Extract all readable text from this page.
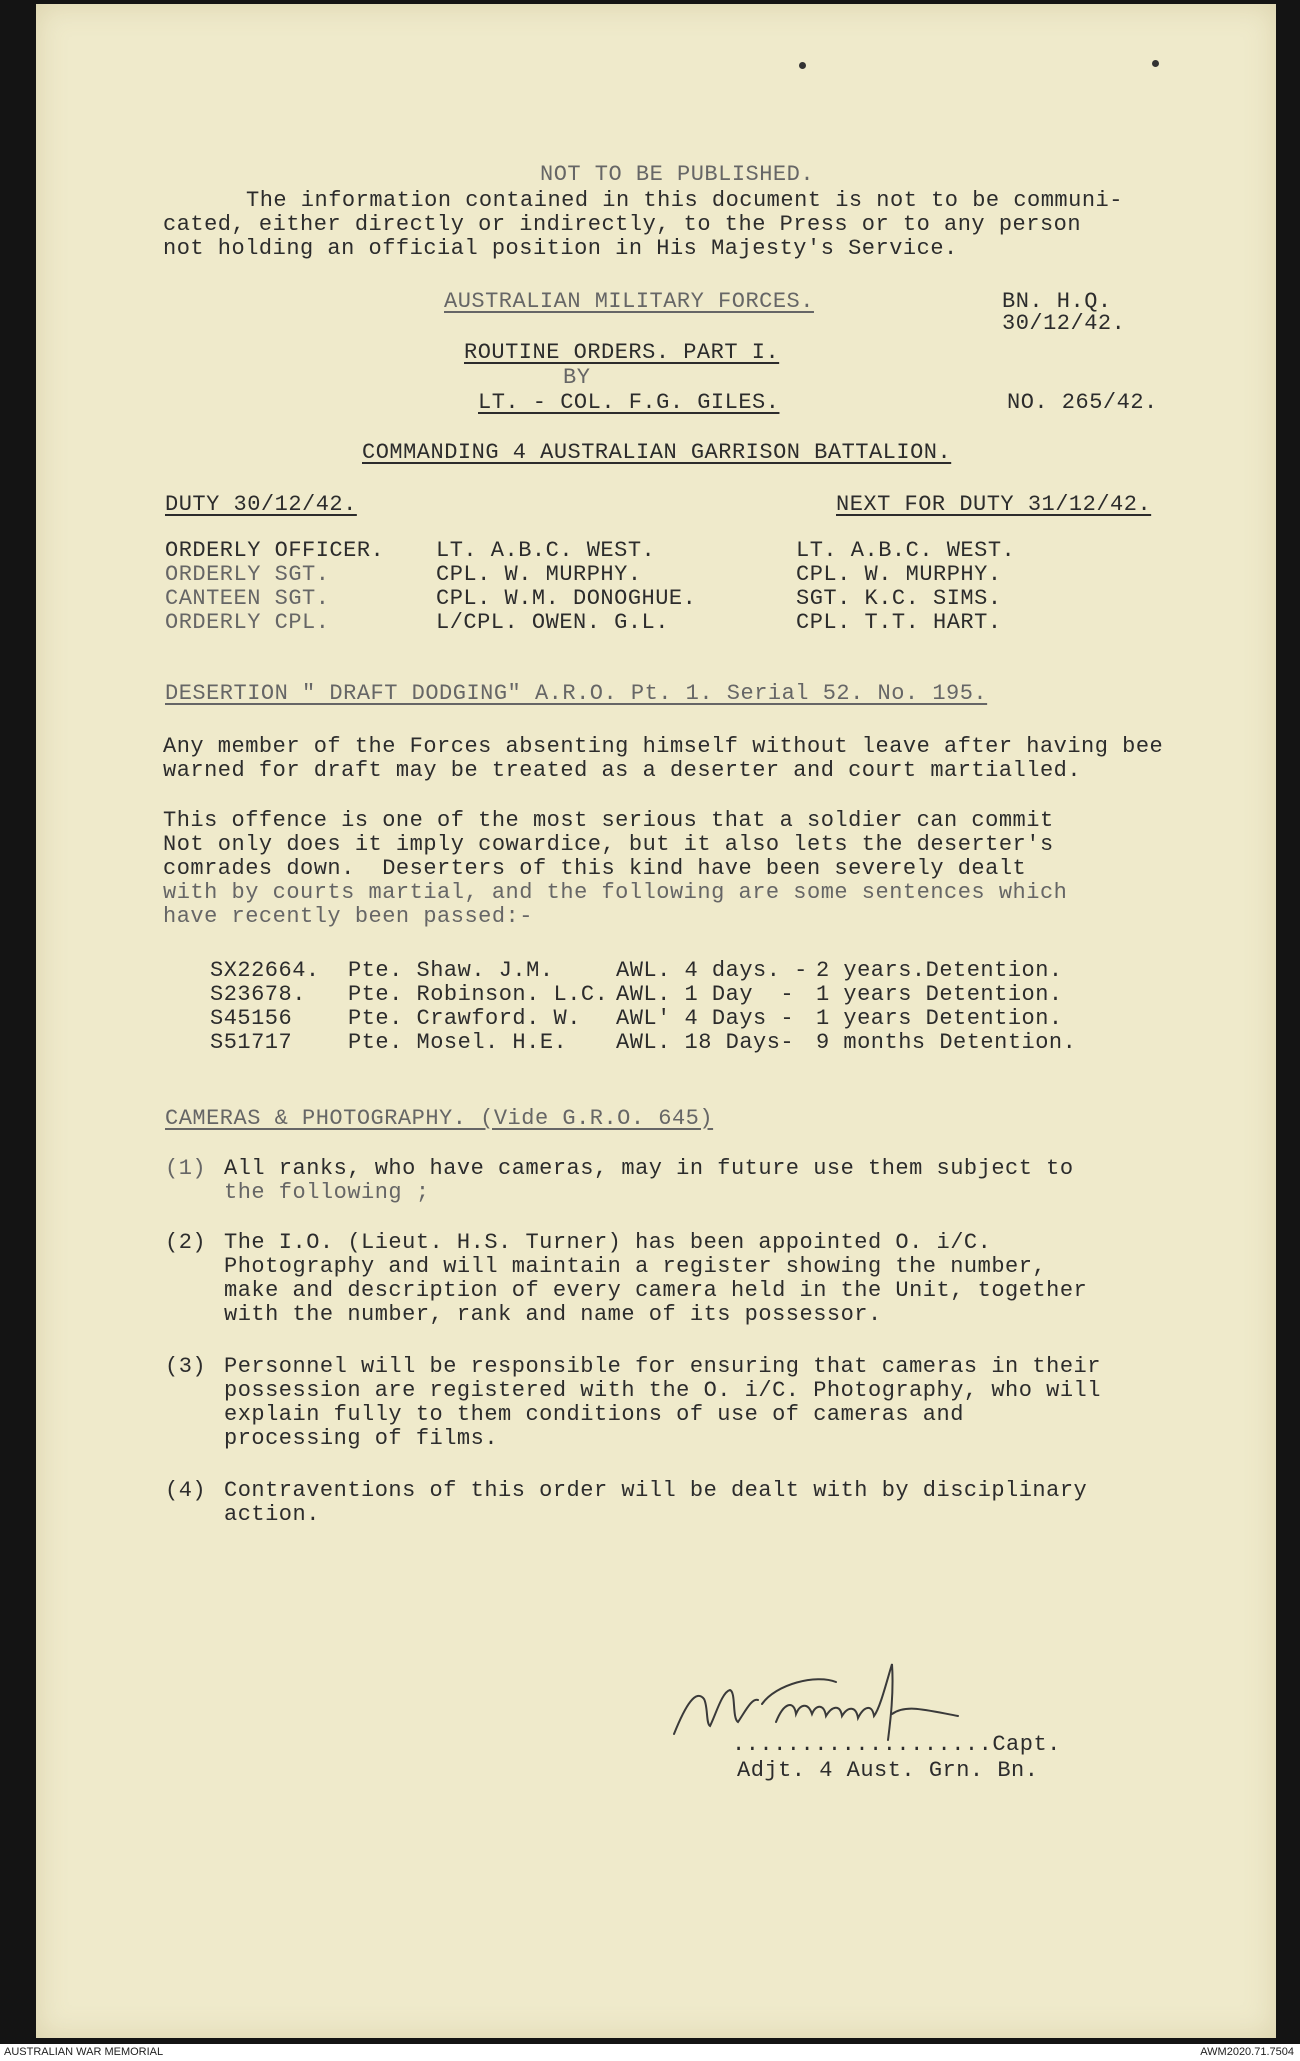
NOT TO BE PUBLISHED.
The information contained in this document is not to be communi-
cated, either directly or indirectly, to the Press or to any person
not holding an official position in His Majesty's Service.
AUSTRALIAN MILITARY FORCES.	BN. H.Q.
30/12/42.
ROUTINE ORDERS. PART I.
BY
LT. - COL. F.G. GILES.	NO. 265/42.
COMMANDING 4 AUSTRALIAN GARRISON BATTALION.
DUTY 30/12/42.	NEXT FOR DUTY 31/12/42.
ORDERLY OFFICER. LT. A.B.C. WEST.	LT. A.B.C. WEST.
ORDERLY SGT.	CPL. W. MURPHY.	CPL. W. MURPHY.
CANTEEN SGT.	CPL. W.M. DONOGHUE.	SGT. K.C. SIMS.
ORDERLY CPL.	L/CPL. OWEN. G.L.	CPL. T.T. HART.
DESERTION " DRAFT DODGING" A.R.O. Pt. 1. Serial 52. No. 195.
Any member of the Forces absenting himself without leave after having bee
warned for draft may be treated as a deserter and court martialled.
This offence is one of the most serious that a soldier can commit
Not only does it imply cowardice, but it also lets the deserter's
comrades down.  Deserters of this kind have been severely dealt
with by courts martial, and the following are some sentences which
have recently been passed:-
SX22664. Pte. Shaw. J.M.	AWL. 4 days. - 2 years.Detention.
S23678. Pte. Robinson. L.C. AWL. 1 Day  - 1 years Detention.
S45156	Pte. Crawford. W. AWL' 4 Days - 1 years Detention.
S51717	Pte. Mosel. H.E. AWL. 18 Days- 9 months Detention.
CAMERAS & PHOTOGRAPHY. (Vide G.R.O. 645)
(1) All ranks, who have cameras, may in future use them subject to
the following ;
(2) The I.O. (Lieut. H.S. Turner) has been appointed O. i/C.
Photography and will maintain a register showing the number,
make and description of every camera held in the Unit, together
with the number, rank and name of its possessor.
(3) Personnel will be responsible for ensuring that cameras in their
possession are registered with the O. i/C. Photography, who will
explain fully to them conditions of use of cameras and
processing of films.
(4) Contraventions of this order will be dealt with by disciplinary
action.
...................Capt.
Adjt. 4 Aust. Grn. Bn.
AUSTRALIAN WAR MEMORIAL	AWM2020.71.7504
